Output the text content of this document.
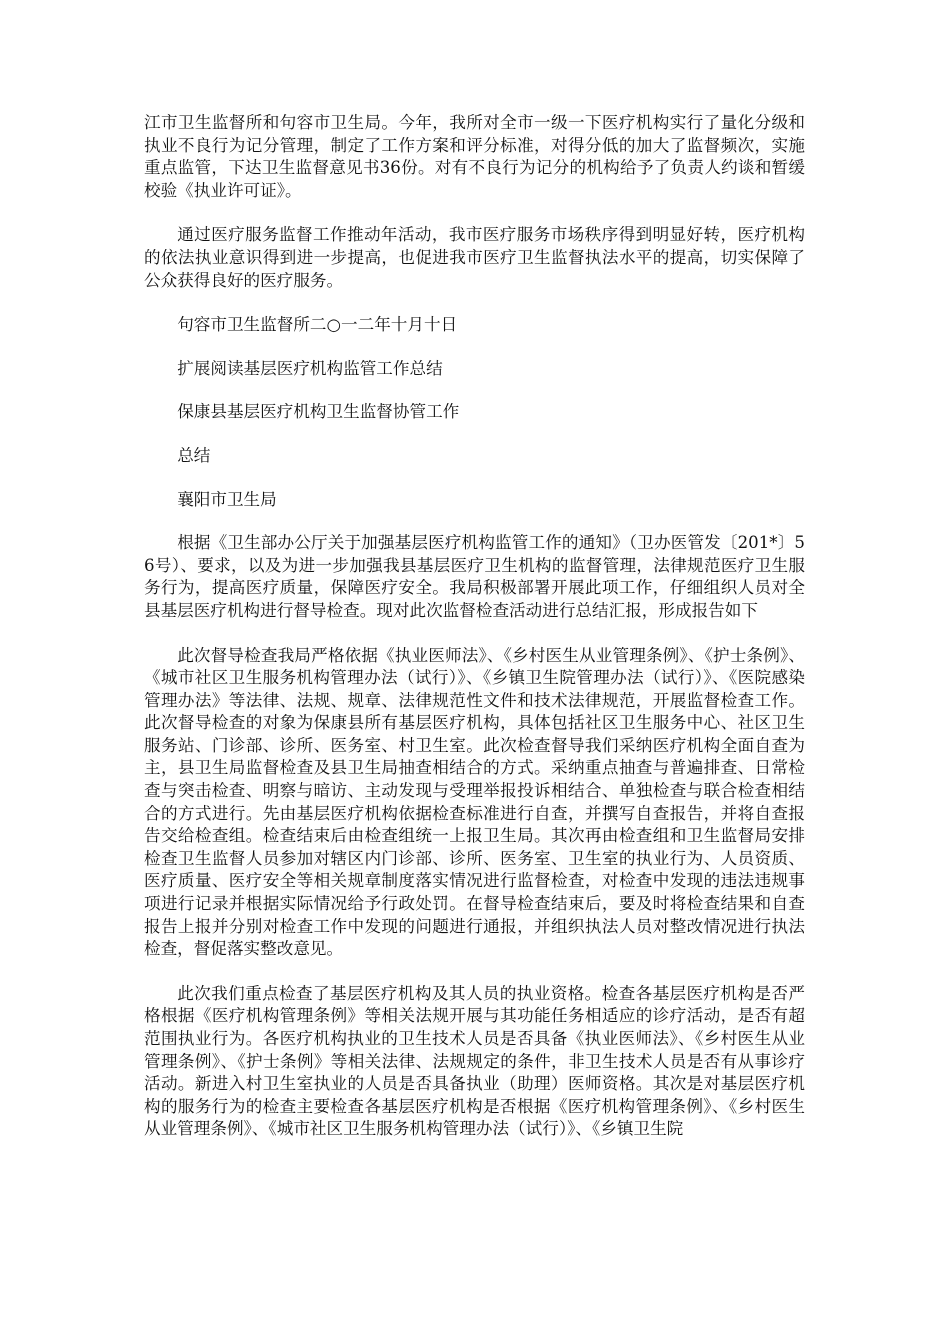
江市卫生监督所和句容市卫生局。今年，我所对全市一级一下医疗机构实行了量化分级和执业不良行为记分管理，制定了工作方案和评分标准，对得分低的加大了监督频次，实施重点监管，下达卫生监督意见书36份。对有不良行为记分的机构给予了负责人约谈和暂缓校验《执业许可证》。

通过医疗服务监督工作推动年活动，我市医疗服务市场秩序得到明显好转，医疗机构的依法执业意识得到进一步提高，也促进我市医疗卫生监督执法水平的提高，切实保障了公众获得良好的医疗服务。

句容市卫生监督所二○一二年十月十日

扩展阅读基层医疗机构监管工作总结

保康县基层医疗机构卫生监督协管工作

总结

襄阳市卫生局

根据《卫生部办公厅关于加强基层医疗机构监管工作的通知》（卫办医管发〔201*〕56号）、要求，以及为进一步加强我县基层医疗卫生机构的监督管理，法律规范医疗卫生服务行为，提高医疗质量，保障医疗安全。我局积极部署开展此项工作，仔细组织人员对全县基层医疗机构进行督导检查。现对此次监督检查活动进行总结汇报，形成报告如下

此次督导检查我局严格依据《执业医师法》、《乡村医生从业管理条例》、《护士条例》、《城市社区卫生服务机构管理办法（试行）》、《乡镇卫生院管理办法（试行）》、《医院感染管理办法》等法律、法规、规章、法律规范性文件和技术法律规范，开展监督检查工作。此次督导检查的对象为保康县所有基层医疗机构，具体包括社区卫生服务中心、社区卫生服务站、门诊部、诊所、医务室、村卫生室。此次检查督导我们采纳医疗机构全面自查为主，县卫生局监督检查及县卫生局抽查相结合的方式。采纳重点抽查与普遍排查、日常检查与突击检查、明察与暗访、主动发现与受理举报投诉相结合、单独检查与联合检查相结合的方式进行。先由基层医疗机构依据检查标准进行自查，并撰写自查报告，并将自查报告交给检查组。检查结束后由检查组统一上报卫生局。其次再由检查组和卫生监督局安排检查卫生监督人员参加对辖区内门诊部、诊所、医务室、卫生室的执业行为、人员资质、医疗质量、医疗安全等相关规章制度落实情况进行监督检查，对检查中发现的违法违规事项进行记录并根据实际情况给予行政处罚。在督导检查结束后，要及时将检查结果和自查报告上报并分别对检查工作中发现的问题进行通报，并组织执法人员对整改情况进行执法检查，督促落实整改意见。

此次我们重点检查了基层医疗机构及其人员的执业资格。检查各基层医疗机构是否严格根据《医疗机构管理条例》等相关法规开展与其功能任务相适应的诊疗活动，是否有超范围执业行为。各医疗机构执业的卫生技术人员是否具备《执业医师法》、《乡村医生从业管理条例》、《护士条例》等相关法律、法规规定的条件，非卫生技术人员是否有从事诊疗活动。新进入村卫生室执业的人员是否具备执业（助理）医师资格。其次是对基层医疗机构的服务行为的检查主要检查各基层医疗机构是否根据《医疗机构管理条例》、《乡村医生从业管理条例》、《城市社区卫生服务机构管理办法（试行）》、《乡镇卫生院
